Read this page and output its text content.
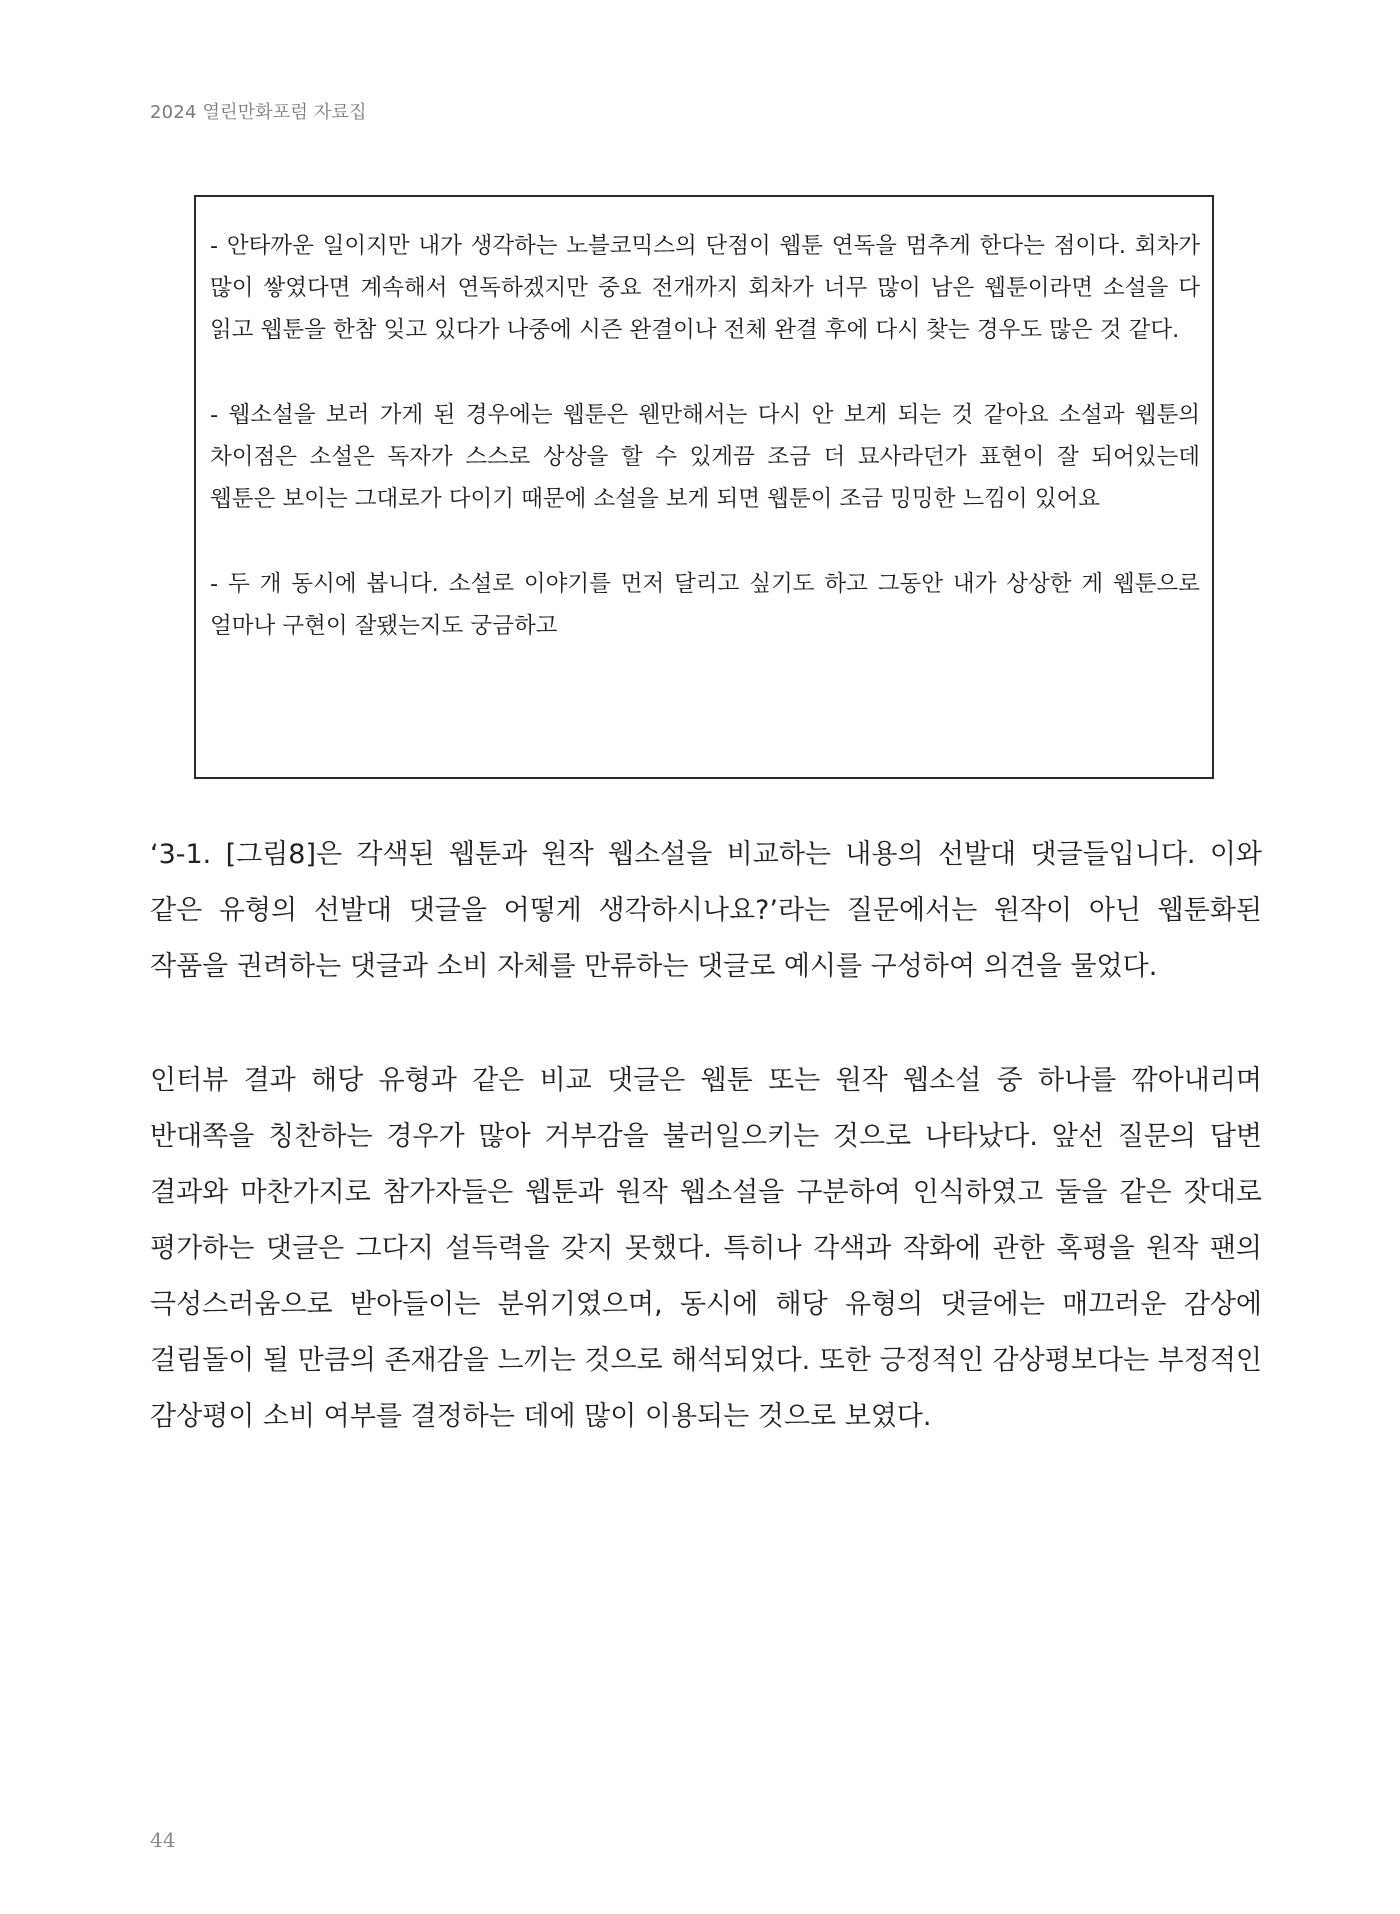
2024 열린만화포럼 자료집

- 안타까운 일이지만 내가 생각하는 노블코믹스의 단점이 웹툰 연독을 멈추게 한다는 점이다. 회차가 많이 쌓였다면 계속해서 연독하겠지만 중요 전개까지 회차가 너무 많이 남은 웹툰이라면 소설을 다 읽고 웹툰을 한참 잊고 있다가 나중에 시즌 완결이나 전체 완결 후에 다시 찾는 경우도 많은 것 같다.

- 웹소설을 보러 가게 된 경우에는 웹툰은 웬만해서는 다시 안 보게 되는 것 같아요 소설과 웹툰의 차이점은 소설은 독자가 스스로 상상을 할 수 있게끔 조금 더 묘사라던가 표현이 잘 되어있는데 웹툰은 보이는 그대로가 다이기 때문에 소설을 보게 되면 웹툰이 조금 밍밍한 느낌이 있어요

- 두 개 동시에 봅니다. 소설로 이야기를 먼저 달리고 싶기도 하고 그동안 내가 상상한 게 웹툰으로 얼마나 구현이 잘됐는지도 궁금하고

‘3-1. [그림8]은 각색된 웹툰과 원작 웹소설을 비교하는 내용의 선발대 댓글들입니다. 이와 같은 유형의 선발대 댓글을 어떻게 생각하시나요?’라는 질문에서는 원작이 아닌 웹툰화된 작품을 권려하는 댓글과 소비 자체를 만류하는 댓글로 예시를 구성하여 의견을 물었다.

인터뷰 결과 해당 유형과 같은 비교 댓글은 웹툰 또는 원작 웹소설 중 하나를 깎아내리며 반대쪽을 칭찬하는 경우가 많아 거부감을 불러일으키는 것으로 나타났다. 앞선 질문의 답변 결과와 마찬가지로 참가자들은 웹툰과 원작 웹소설을 구분하여 인식하였고 둘을 같은 잣대로 평가하는 댓글은 그다지 설득력을 갖지 못했다. 특히나 각색과 작화에 관한 혹평을 원작 팬의 극성스러움으로 받아들이는 분위기였으며, 동시에 해당 유형의 댓글에는 매끄러운 감상에 걸림돌이 될 만큼의 존재감을 느끼는 것으로 해석되었다. 또한 긍정적인 감상평보다는 부정적인 감상평이 소비 여부를 결정하는 데에 많이 이용되는 것으로 보였다.

44
